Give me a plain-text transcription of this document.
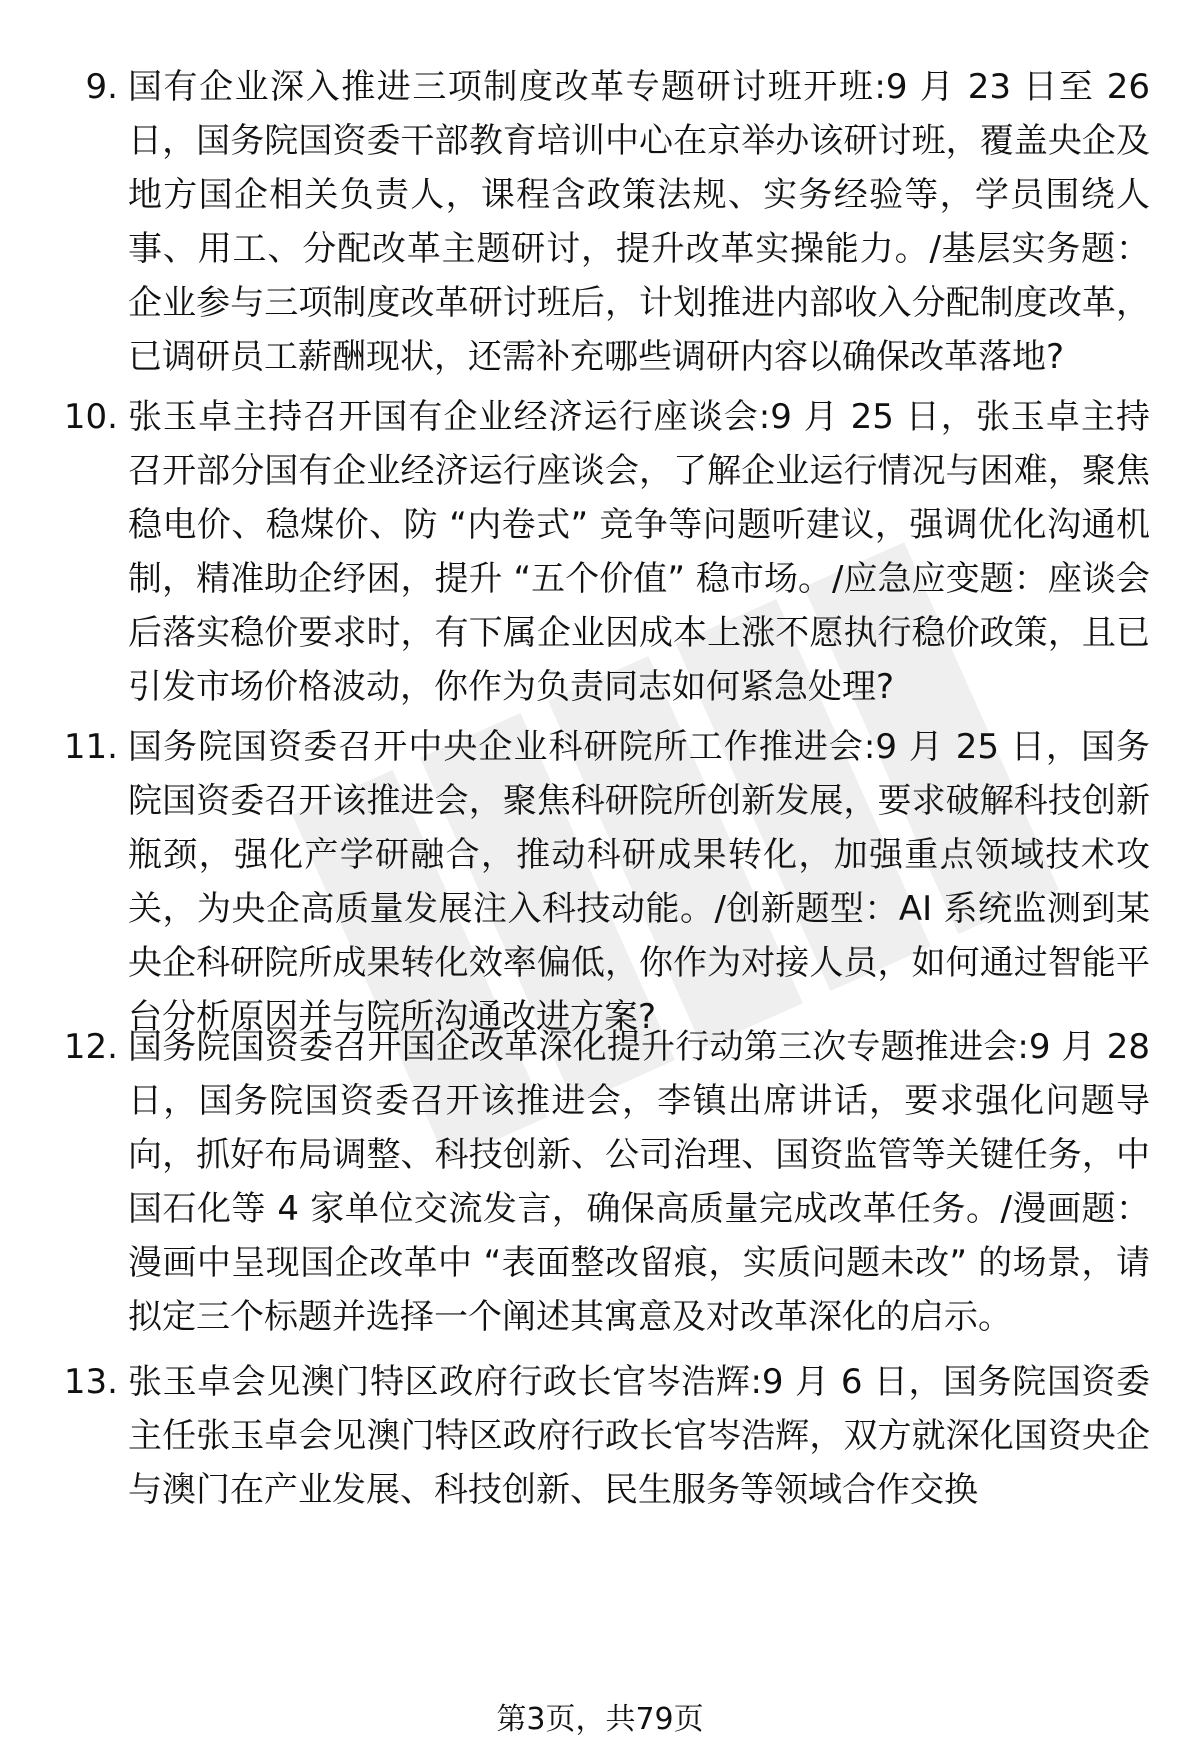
9. 国有企业深入推进三项制度改革专题研讨班开班:9 月 23 日至 26 日，国务院国资委干部教育培训中心在京举办该研讨班，覆盖央企及地方国企相关负责人，课程含政策法规、实务经验等，学员围绕人事、用工、分配改革主题研讨，提升改革实操能力。/基层实务题：企业参与三项制度改革研讨班后，计划推进内部收入分配制度改革，已调研员工薪酬现状，还需补充哪些调研内容以确保改革落地?
10. 张玉卓主持召开国有企业经济运行座谈会:9 月 25 日，张玉卓主持召开部分国有企业经济运行座谈会，了解企业运行情况与困难，聚焦稳电价、稳煤价、防 “内卷式” 竞争等问题听建议，强调优化沟通机制，精准助企纾困，提升 “五个价值” 稳市场。/应急应变题：座谈会后落实稳价要求时，有下属企业因成本上涨不愿执行稳价政策，且已引发市场价格波动，你作为负责同志如何紧急处理?
11. 国务院国资委召开中央企业科研院所工作推进会:9 月 25 日，国务院国资委召开该推进会，聚焦科研院所创新发展，要求破解科技创新瓶颈，强化产学研融合，推动科研成果转化，加强重点领域技术攻关，为央企高质量发展注入科技动能。/创新题型：AI 系统监测到某央企科研院所成果转化效率偏低，你作为对接人员，如何通过智能平台分析原因并与院所沟通改进方案?
12. 国务院国资委召开国企改革深化提升行动第三次专题推进会:9 月 28 日，国务院国资委召开该推进会，李镇出席讲话，要求强化问题导向，抓好布局调整、科技创新、公司治理、国资监管等关键任务，中国石化等 4 家单位交流发言，确保高质量完成改革任务。/漫画题：漫画中呈现国企改革中 “表面整改留痕，实质问题未改” 的场景，请拟定三个标题并选择一个阐述其寓意及对改革深化的启示。
13. 张玉卓会见澳门特区政府行政长官岑浩辉:9 月 6 日，国务院国资委主任张玉卓会见澳门特区政府行政长官岑浩辉，双方就深化国资央企与澳门在产业发展、科技创新、民生服务等领域合作交换
第3页，共79页
